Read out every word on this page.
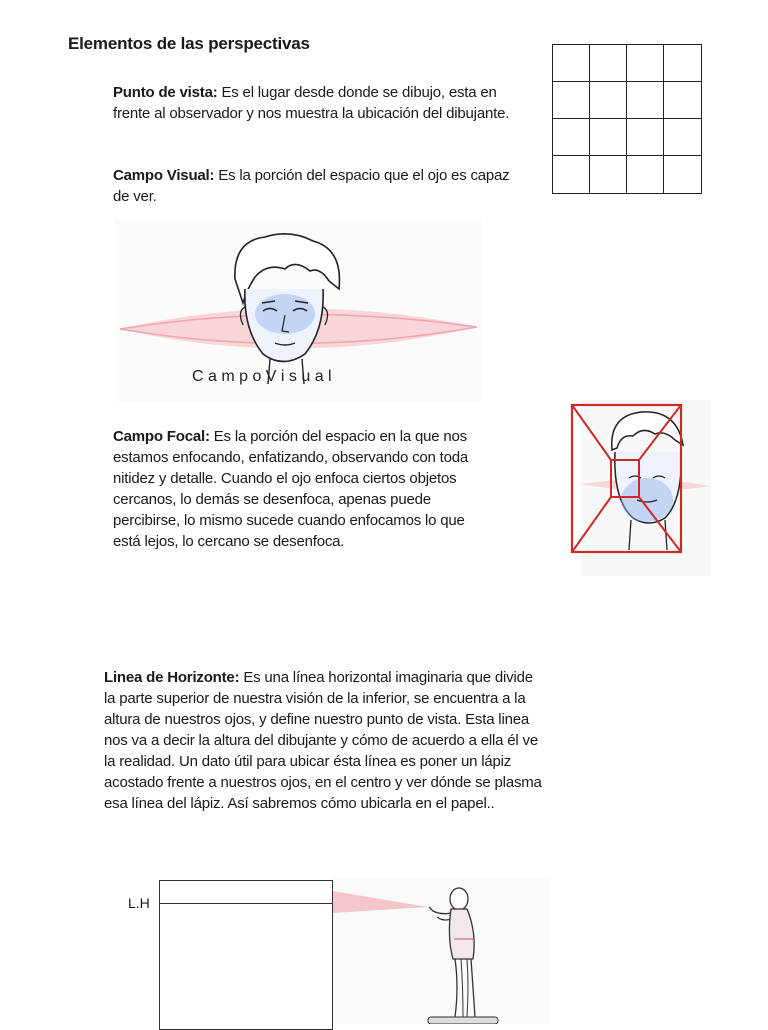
Elementos de las perspectivas
Punto de vista: Es el lugar desde donde se dibujo, esta en frente al observador y nos muestra la ubicación del dibujante.
Campo Visual: Es la porción del espacio que el ojo es capaz de ver.
Campo Focal: Es la porción del espacio en la que nos estamos enfocando, enfatizando, observando con toda nitidez y detalle. Cuando el ojo enfoca ciertos objetos cercanos, lo demás se desenfoca, apenas puede percibirse, lo mismo sucede cuando enfocamos lo que está lejos, lo cercano se desenfoca.
Linea de Horizonte: Es una línea horizontal imaginaria que divide la parte superior de nuestra visión de la inferior, se encuentra a la altura de nuestros ojos, y define nuestro punto de vista. Esta linea nos va a decir la altura del dibujante y cómo de acuerdo a ella él ve la realidad. Un dato útil para ubicar ésta línea es poner un lápiz acostado frente a nuestros ojos, en el centro y ver dónde se plasma esa línea del lápiz. Así sabremos cómo ubicarla en el papel..
C a m p o V i s u a l
L.H
